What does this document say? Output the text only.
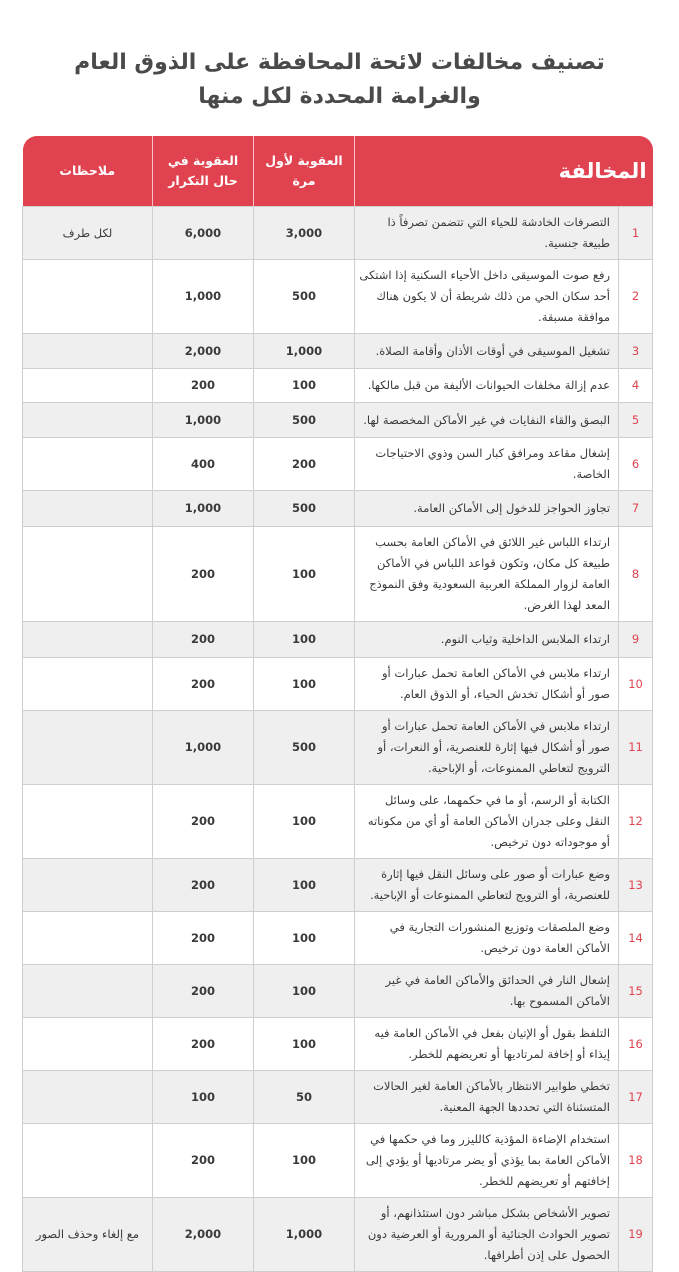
تصنيف مخالفات لائحة المحافظة على الذوق العام
والغرامة المحددة لكل منها
المخالفة		العقوبة لأول مرة	العقوبة في حال التكرار	ملاحظات
1	التصرفات الخادشة للحياء التي تتضمن تصرفاً ذا طبيعة جنسية.	3,000	6,000	لكل طرف
2	رفع صوت الموسيقى داخل الأحياء السكنية إذا اشتكى أحد سكان الحي من ذلك شريطة أن لا يكون هناك موافقة مسبقة.	500	1,000	
3	تشغيل الموسيقى في أوقات الأذان وأقامة الصلاة.	1,000	2,000	
4	عدم إزالة مخلفات الحيوانات الأليفة من قبل مالكها.	100	200	
5	البصق والقاء النفايات في غير الأماكن المخصصة لها.	500	1,000	
6	إشغال مقاعد ومرافق كبار السن وذوي الاحتياجات الخاصة.	200	400	
7	تجاوز الحواجز للدخول إلى الأماكن العامة.	500	1,000	
8	ارتداء اللباس غير اللائق في الأماكن العامة بحسب طبيعة كل مكان، وتكون قواعد اللباس في الأماكن العامة لزوار المملكة العربية السعودية وفق النموذج المعد لهذا الغرض.	100	200	
9	ارتداء الملابس الداخلية وثياب النوم.	100	200	
10	ارتداء ملابس في الأماكن العامة تحمل عبارات أو صور أو أشكال تخدش الحياء، أو الذوق العام.	100	200	
11	ارتداء ملابس في الأماكن العامة تحمل عبارات أو صور أو أشكال فيها إثارة للعنصرية، أو النعرات، أو الترويج لتعاطي الممنوعات، أو الإباحية.	500	1,000	
12	الكتابة أو الرسم، أو ما في حكمهما، على وسائل النقل وعلى جدران الأماكن العامة أو أي من مكوناته أو موجوداته دون ترخيص.	100	200	
13	وضع عبارات أو صور على وسائل النقل فيها إثارة للعنصرية، أو الترويج لتعاطي الممنوعات أو الإباحية.	100	200	
14	وضع الملصقات وتوزيع المنشورات التجارية في الأماكن العامة دون ترخيص.	100	200	
15	إشعال النار في الحدائق والأماكن العامة في غير الأماكن المسموح بها.	100	200	
16	التلفظ بقول أو الإتيان بفعل في الأماكن العامة فيه إيذاء أو إخافة لمرتاديها أو تعريضهم للخطر.	100	200	
17	تخطي طوابير الانتظار بالأماكن العامة لغير الحالات المتسثناة التي تحددها الجهة المعنية.	50	100	
18	استخدام الإضاءة المؤذية كالليزر وما في حكمها في الأماكن العامة بما يؤذي أو يضر مرتاديها أو يؤدي إلى إخافتهم أو تعريضهم للخطر.	100	200	
19	تصوير الأشخاص بشكل مباشر دون استئذانهم، أو تصوير الحوادث الجنائية أو المرورية أو العرضية دون الحصول على إذن أطرافها.	1,000	2,000	مع إلغاء وحذف الصور
